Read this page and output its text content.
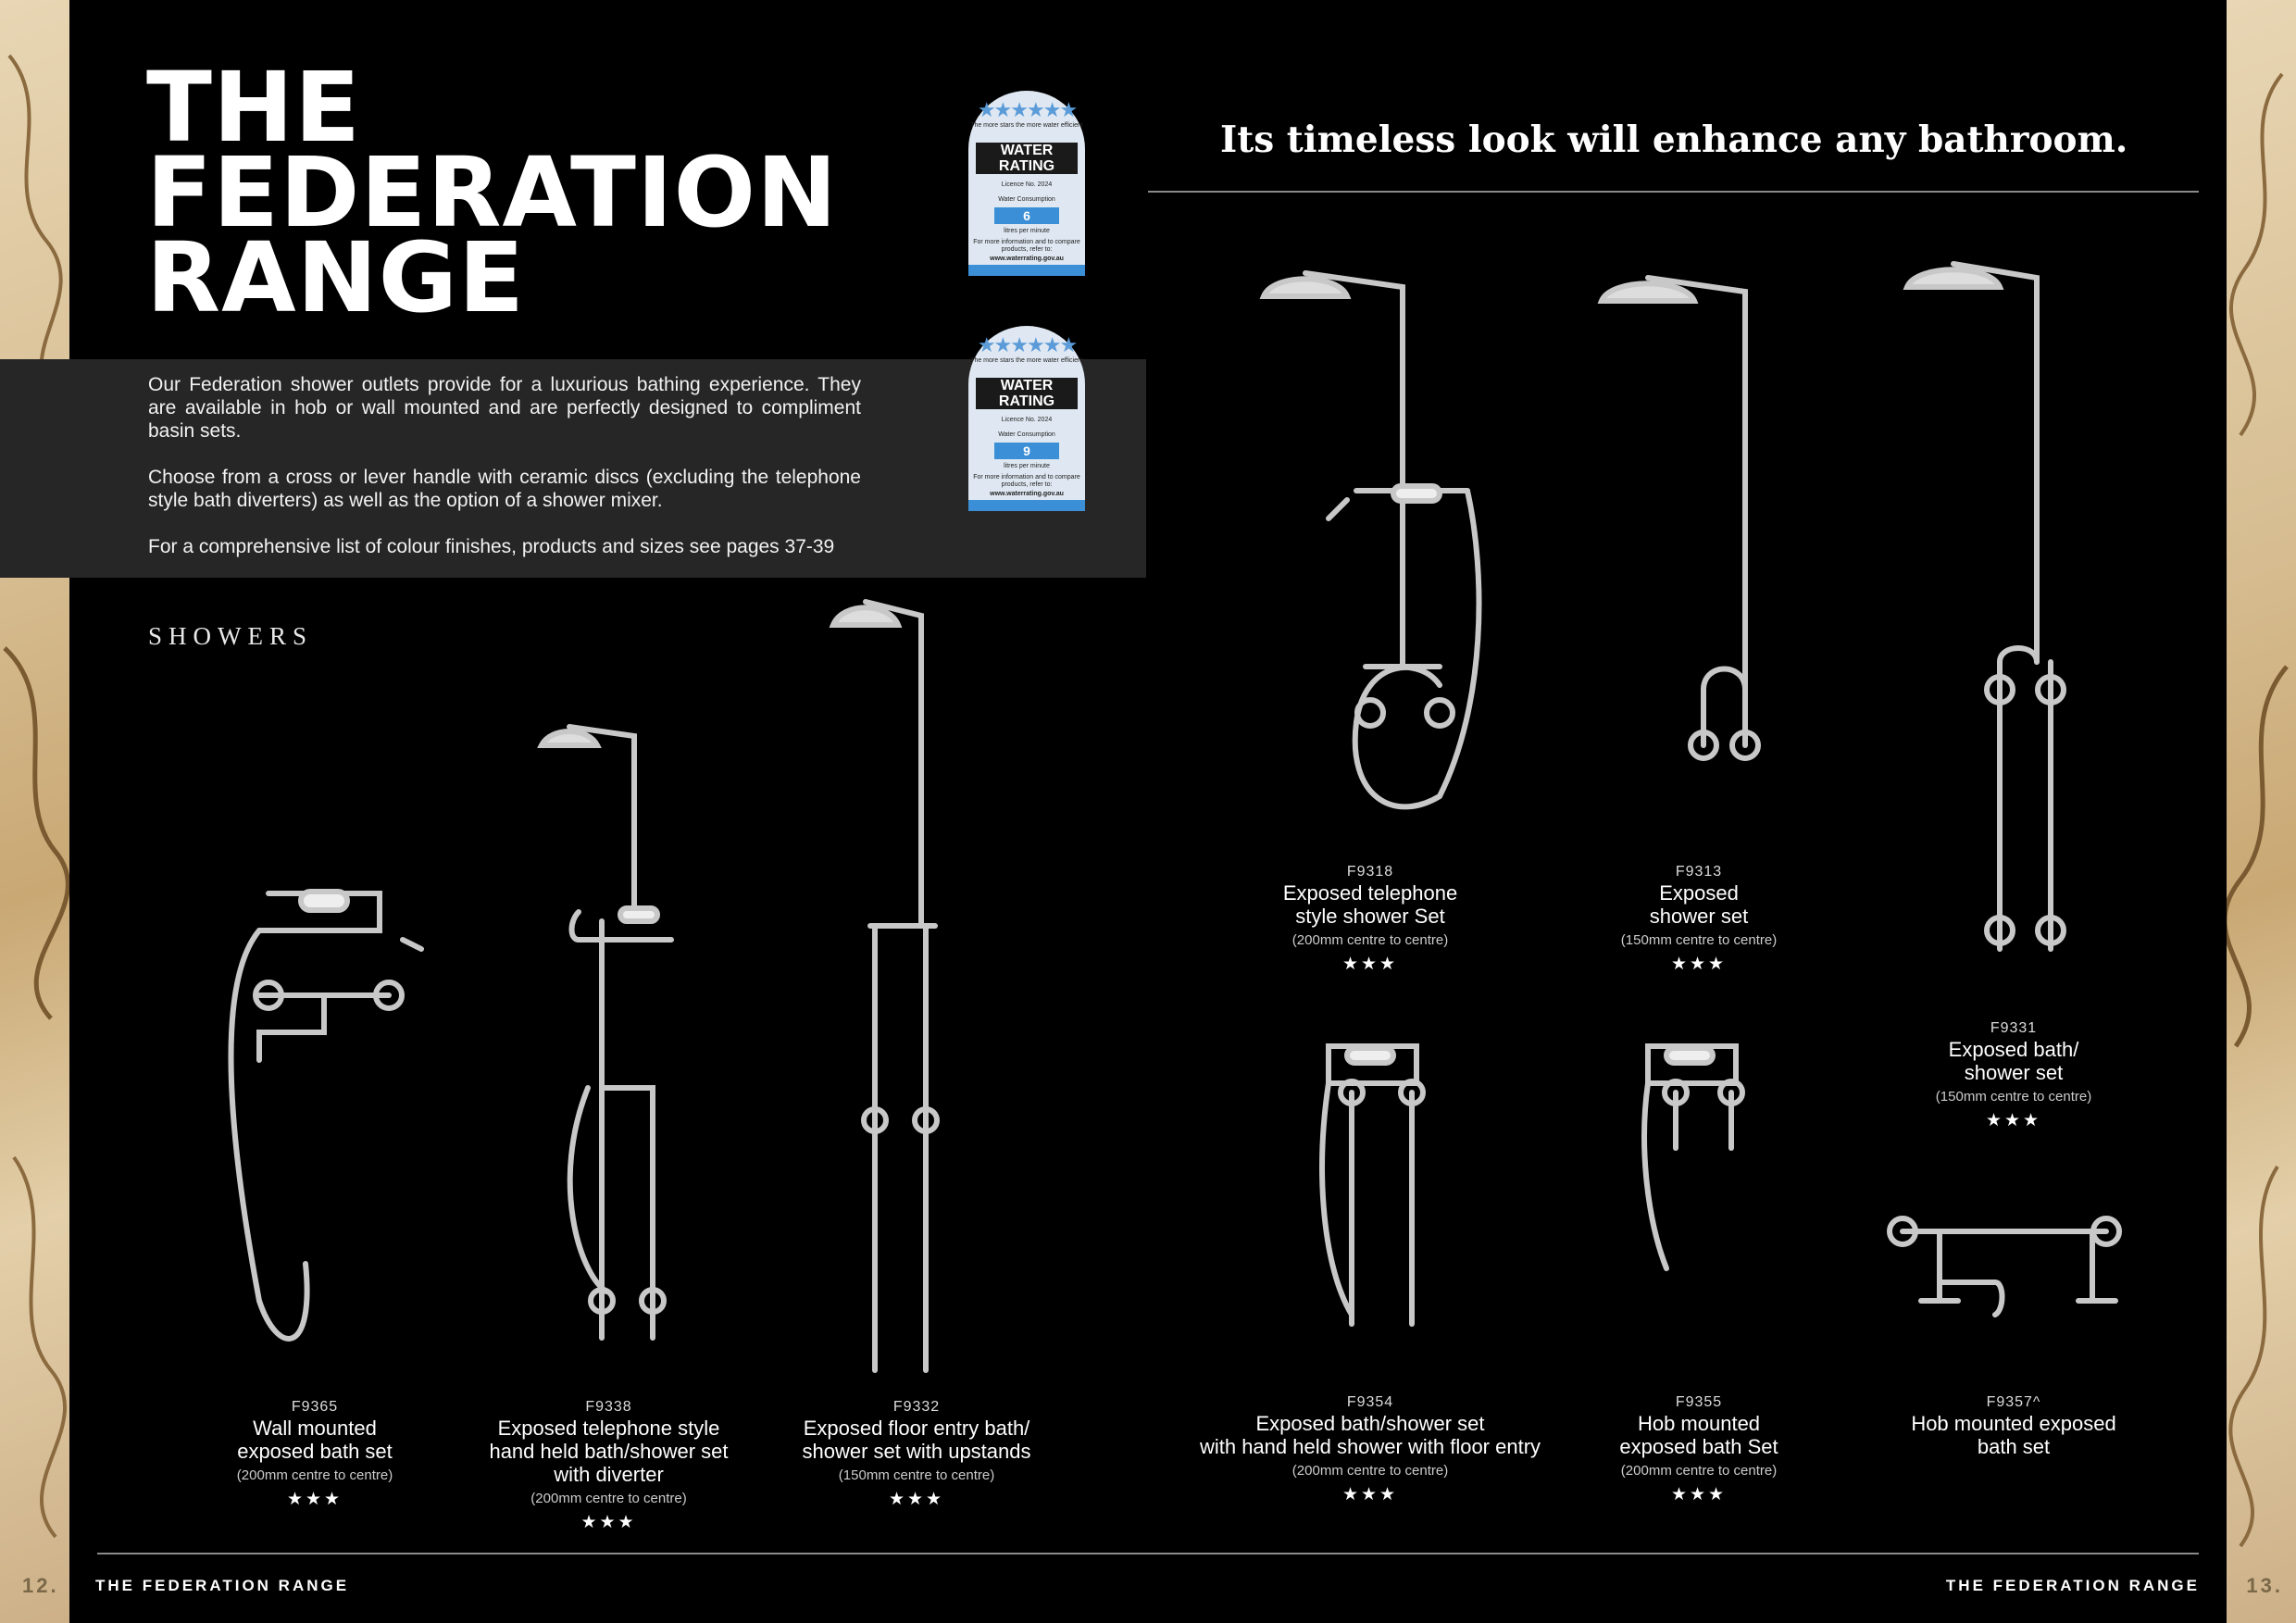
THE
FEDERATION
RANGE

Our Federation shower outlets provide for a luxurious bathing experience. They are available in hob or wall mounted and are perfectly designed to compliment basin sets.

Choose from a cross or lever handle with ceramic discs (excluding the telephone style bath diverters) as well as the option of a shower mixer.

For a comprehensive list of colour finishes, products and sizes see pages 37-39

★★★★★★
The more stars the more water efficient
WATER RATING
Licence No. 2024
Water Consumption
6
litres per minute
For more information and to compare products, refer to:
www.waterrating.gov.au
★★★★★★
The more stars the more water efficient
WATER RATING
Licence No. 2024
Water Consumption
9
litres per minute
For more information and to compare products, refer to:
www.waterrating.gov.au
Its timeless look will enhance any bathroom.
SHOWERS
F9365
Wall mounted
exposed bath set
(200mm centre to centre)
★★★
F9338
Exposed telephone style
hand held bath/shower set
with diverter
(200mm centre to centre)
★★★
F9332
Exposed floor entry bath/
shower set with upstands
(150mm centre to centre)
★★★
F9318
Exposed telephone
style shower Set
(200mm centre to centre)
★★★
F9313
Exposed
shower set
(150mm centre to centre)
★★★
F9331
Exposed bath/
shower set
(150mm centre to centre)
★★★
F9354
Exposed bath/shower set
with hand held shower with floor entry
(200mm centre to centre)
★★★
F9355
Hob mounted
exposed bath Set
(200mm centre to centre)
★★★
F9357^
Hob mounted exposed
bath set
12. THE FEDERATION RANGE	THE FEDERATION RANGE 13.
